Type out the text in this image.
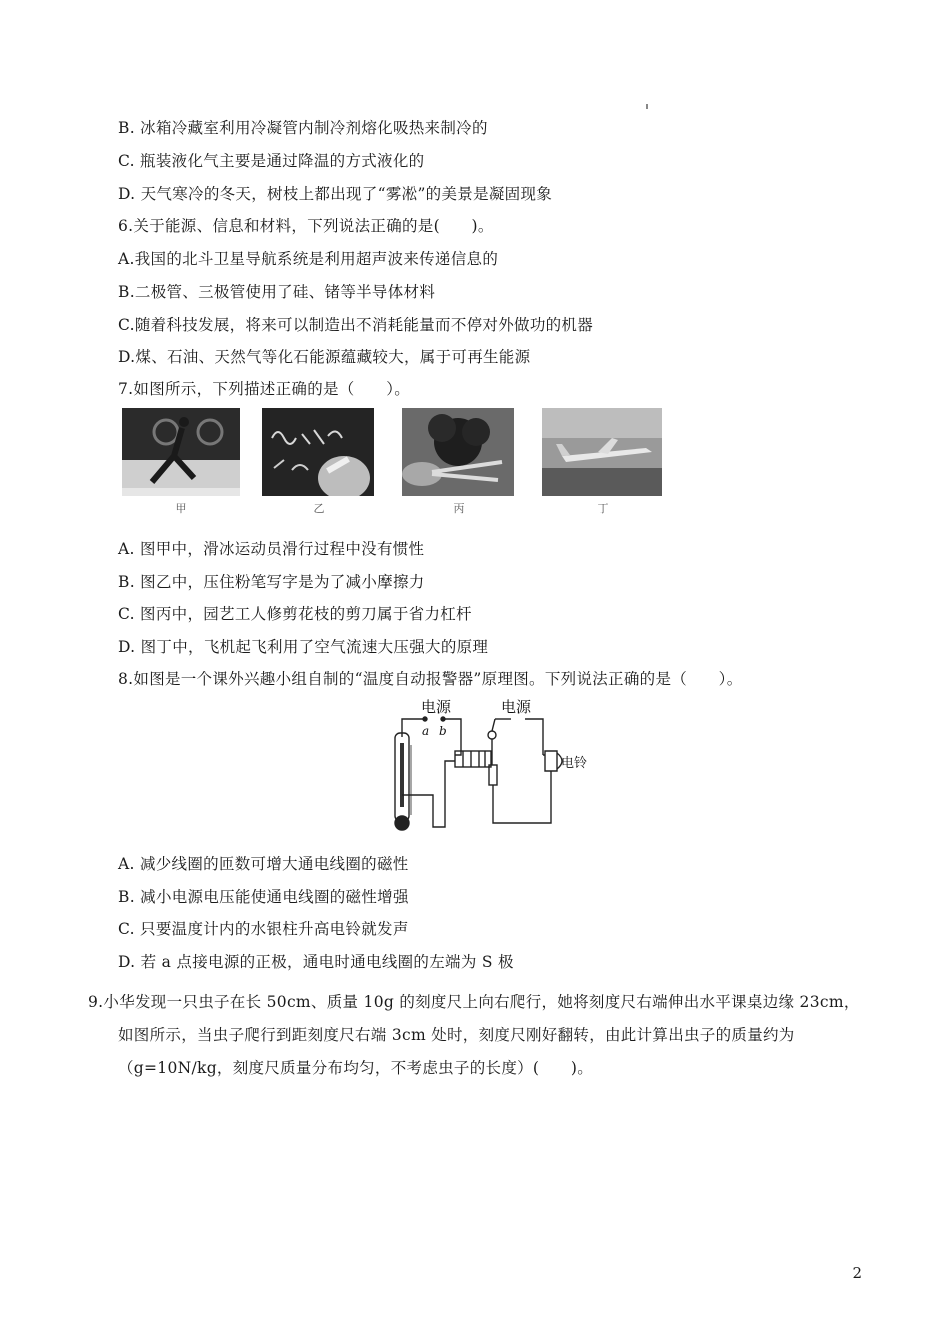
B. 冰箱冷藏室利用冷凝管内制冷剂熔化吸热来制冷的
C. 瓶装液化气主要是通过降温的方式液化的
D. 天气寒冷的冬天，树枝上都出现了“雾凇”的美景是凝固现象
6.关于能源、信息和材料，下列说法正确的是(　　)。
A.我国的北斗卫星导航系统是利用超声波来传递信息的
B.二极管、三极管使用了硅、锗等半导体材料
C.随着科技发展，将来可以制造出不消耗能量而不停对外做功的机器
D.煤、石油、天然气等化石能源蕴藏较大，属于可再生能源
7.如图所示，下列描述正确的是（　　）。
甲	乙	丙	丁
A. 图甲中，滑冰运动员滑行过程中没有惯性
B. 图乙中，压住粉笔写字是为了减小摩擦力
C. 图丙中，园艺工人修剪花枝的剪刀属于省力杠杆
D. 图丁中，飞机起飞利用了空气流速大压强大的原理
8.如图是一个课外兴趣小组自制的“温度自动报警器”原理图。下列说法正确的是（　　）。
电源	电源
a b
电铃
A. 减少线圈的匝数可增大通电线圈的磁性
B. 减小电源电压能使通电线圈的磁性增强
C. 只要温度计内的水银柱升高电铃就发声
D. 若 a 点接电源的正极，通电时通电线圈的左端为 S 极
9.小华发现一只虫子在长 50cm、质量 10g 的刻度尺上向右爬行，她将刻度尺右端伸出水平课桌边缘 23cm，
如图所示，当虫子爬行到距刻度尺右端 3cm 处时，刻度尺刚好翻转，由此计算出虫子的质量约为
（g=10N/kg，刻度尺质量分布均匀，不考虑虫子的长度）(　　)。
2
